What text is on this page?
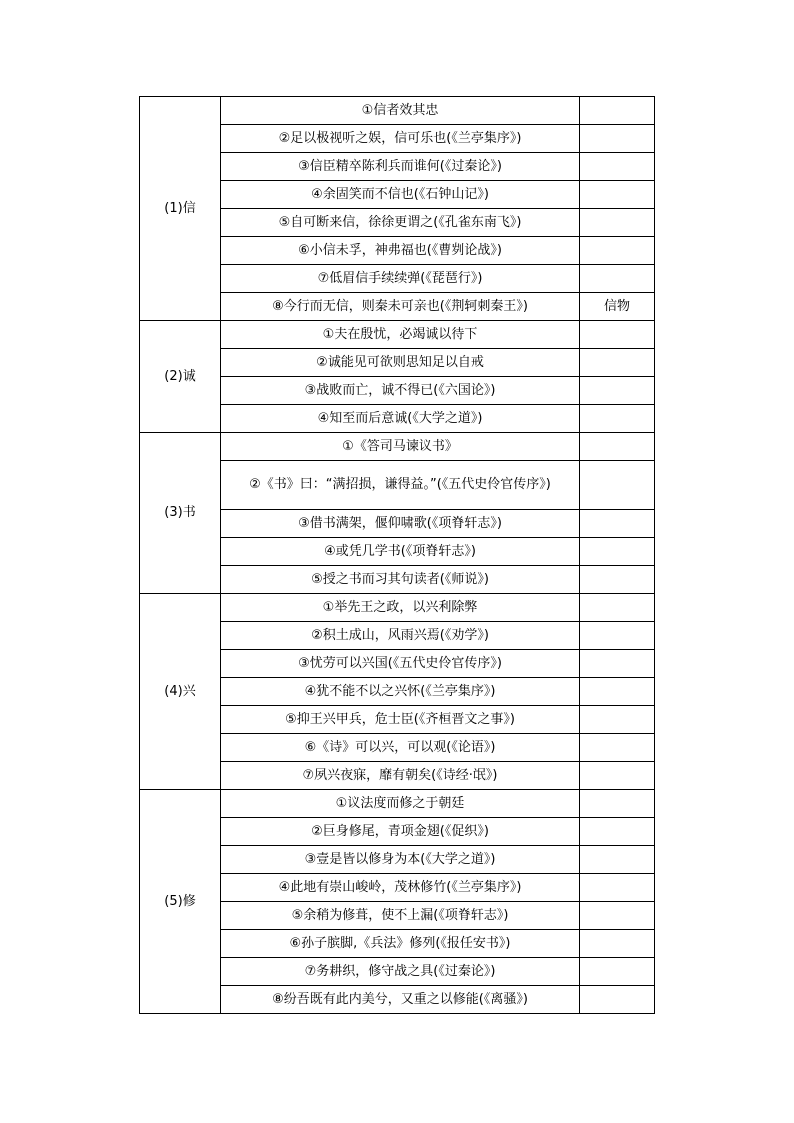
(1)信	①信者效其忠	
	②足以极视听之娱，信可乐也(《兰亭集序》)	
	③信臣精卒陈利兵而谁何(《过秦论》)	
	④余固笑而不信也(《石钟山记》)	
	⑤自可断来信，徐徐更谓之(《孔雀东南飞》)	
	⑥小信未孚，神弗福也(《曹刿论战》)	
	⑦低眉信手续续弹(《琵琶行》)	
	⑧今行而无信，则秦未可亲也(《荆轲刺秦王》)	信物
(2)诚	①夫在殷忧，必竭诚以待下	
	②诚能见可欲则思知足以自戒	
	③战败而亡，诚不得已(《六国论》)	
	④知至而后意诚(《大学之道》)	
(3)书	①《答司马谏议书》	
	②《书》曰：“满招损，谦得益。”(《五代史伶官传序》)	
	③借书满架，偃仰啸歌(《项脊轩志》)	
	④或凭几学书(《项脊轩志》)	
	⑤授之书而习其句读者(《师说》)	
(4)兴	①举先王之政，以兴利除弊	
	②积土成山，风雨兴焉(《劝学》)	
	③忧劳可以兴国(《五代史伶官传序》)	
	④犹不能不以之兴怀(《兰亭集序》)	
	⑤抑王兴甲兵，危士臣(《齐桓晋文之事》)	
	⑥《诗》可以兴，可以观(《论语》)	
	⑦夙兴夜寐，靡有朝矣(《诗经·氓》)	
(5)修	①议法度而修之于朝廷	
	②巨身修尾，青项金翅(《促织》)	
	③壹是皆以修身为本(《大学之道》)	
	④此地有崇山峻岭，茂林修竹(《兰亭集序》)	
	⑤余稍为修葺，使不上漏(《项脊轩志》)	
	⑥孙子膑脚,《兵法》修列(《报任安书》)	
	⑦务耕织，修守战之具(《过秦论》)	
	⑧纷吾既有此内美兮，又重之以修能(《离骚》)	
